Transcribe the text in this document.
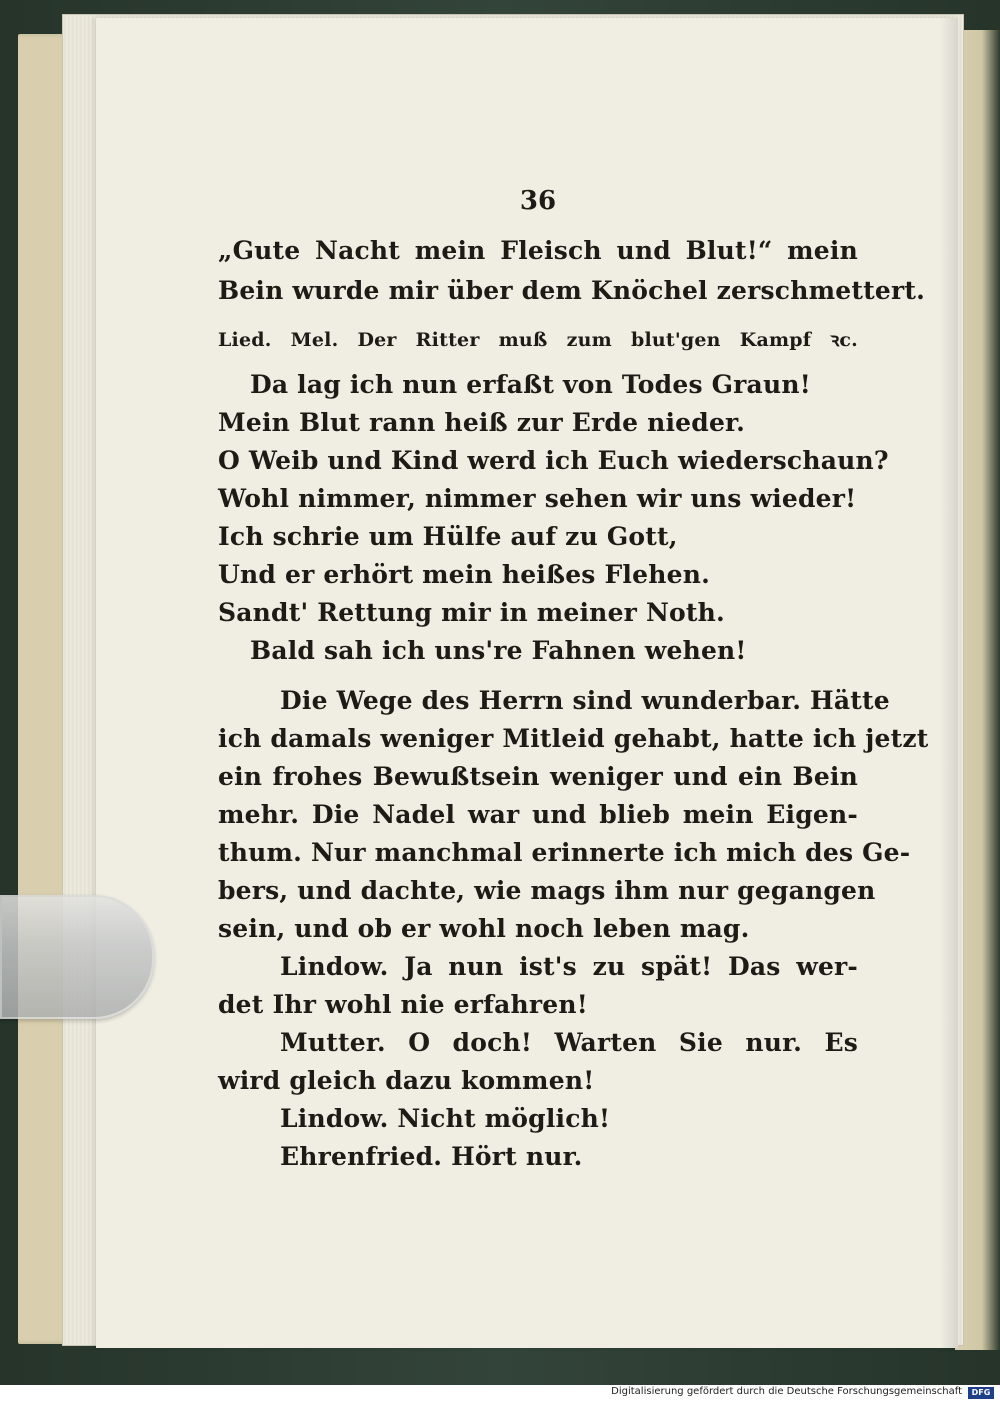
36
„Gute Nacht mein Fleisch und Blut!“ mein
Bein wurde mir über dem Knöchel zerschmettert.
Lied. Mel. Der Ritter muß zum blut'gen Kampf ꝛc.
Da lag ich nun erfaßt von Todes Graun!
Mein Blut rann heiß zur Erde nieder.
O Weib und Kind werd ich Euch wiederschaun?
Wohl nimmer, nimmer sehen wir uns wieder!
Ich schrie um Hülfe auf zu Gott,
Und er erhört mein heißes Flehen.
Sandt' Rettung mir in meiner Noth.
Bald sah ich uns're Fahnen wehen!
Die Wege des Herrn sind wunderbar. Hätte
ich damals weniger Mitleid gehabt, hatte ich jetzt
ein frohes Bewußtsein weniger und ein Bein
mehr. Die Nadel war und blieb mein Eigen-
thum. Nur manchmal erinnerte ich mich des Ge-
bers, und dachte, wie mags ihm nur gegangen
sein, und ob er wohl noch leben mag.
Lindow. Ja nun ist's zu spät! Das wer-
det Ihr wohl nie erfahren!
Mutter. O doch! Warten Sie nur. Es
wird gleich dazu kommen!
Lindow. Nicht möglich!
Ehrenfried. Hört nur.
Digitalisierung gefördert durch die Deutsche Forschungsgemeinschaft	DFG
